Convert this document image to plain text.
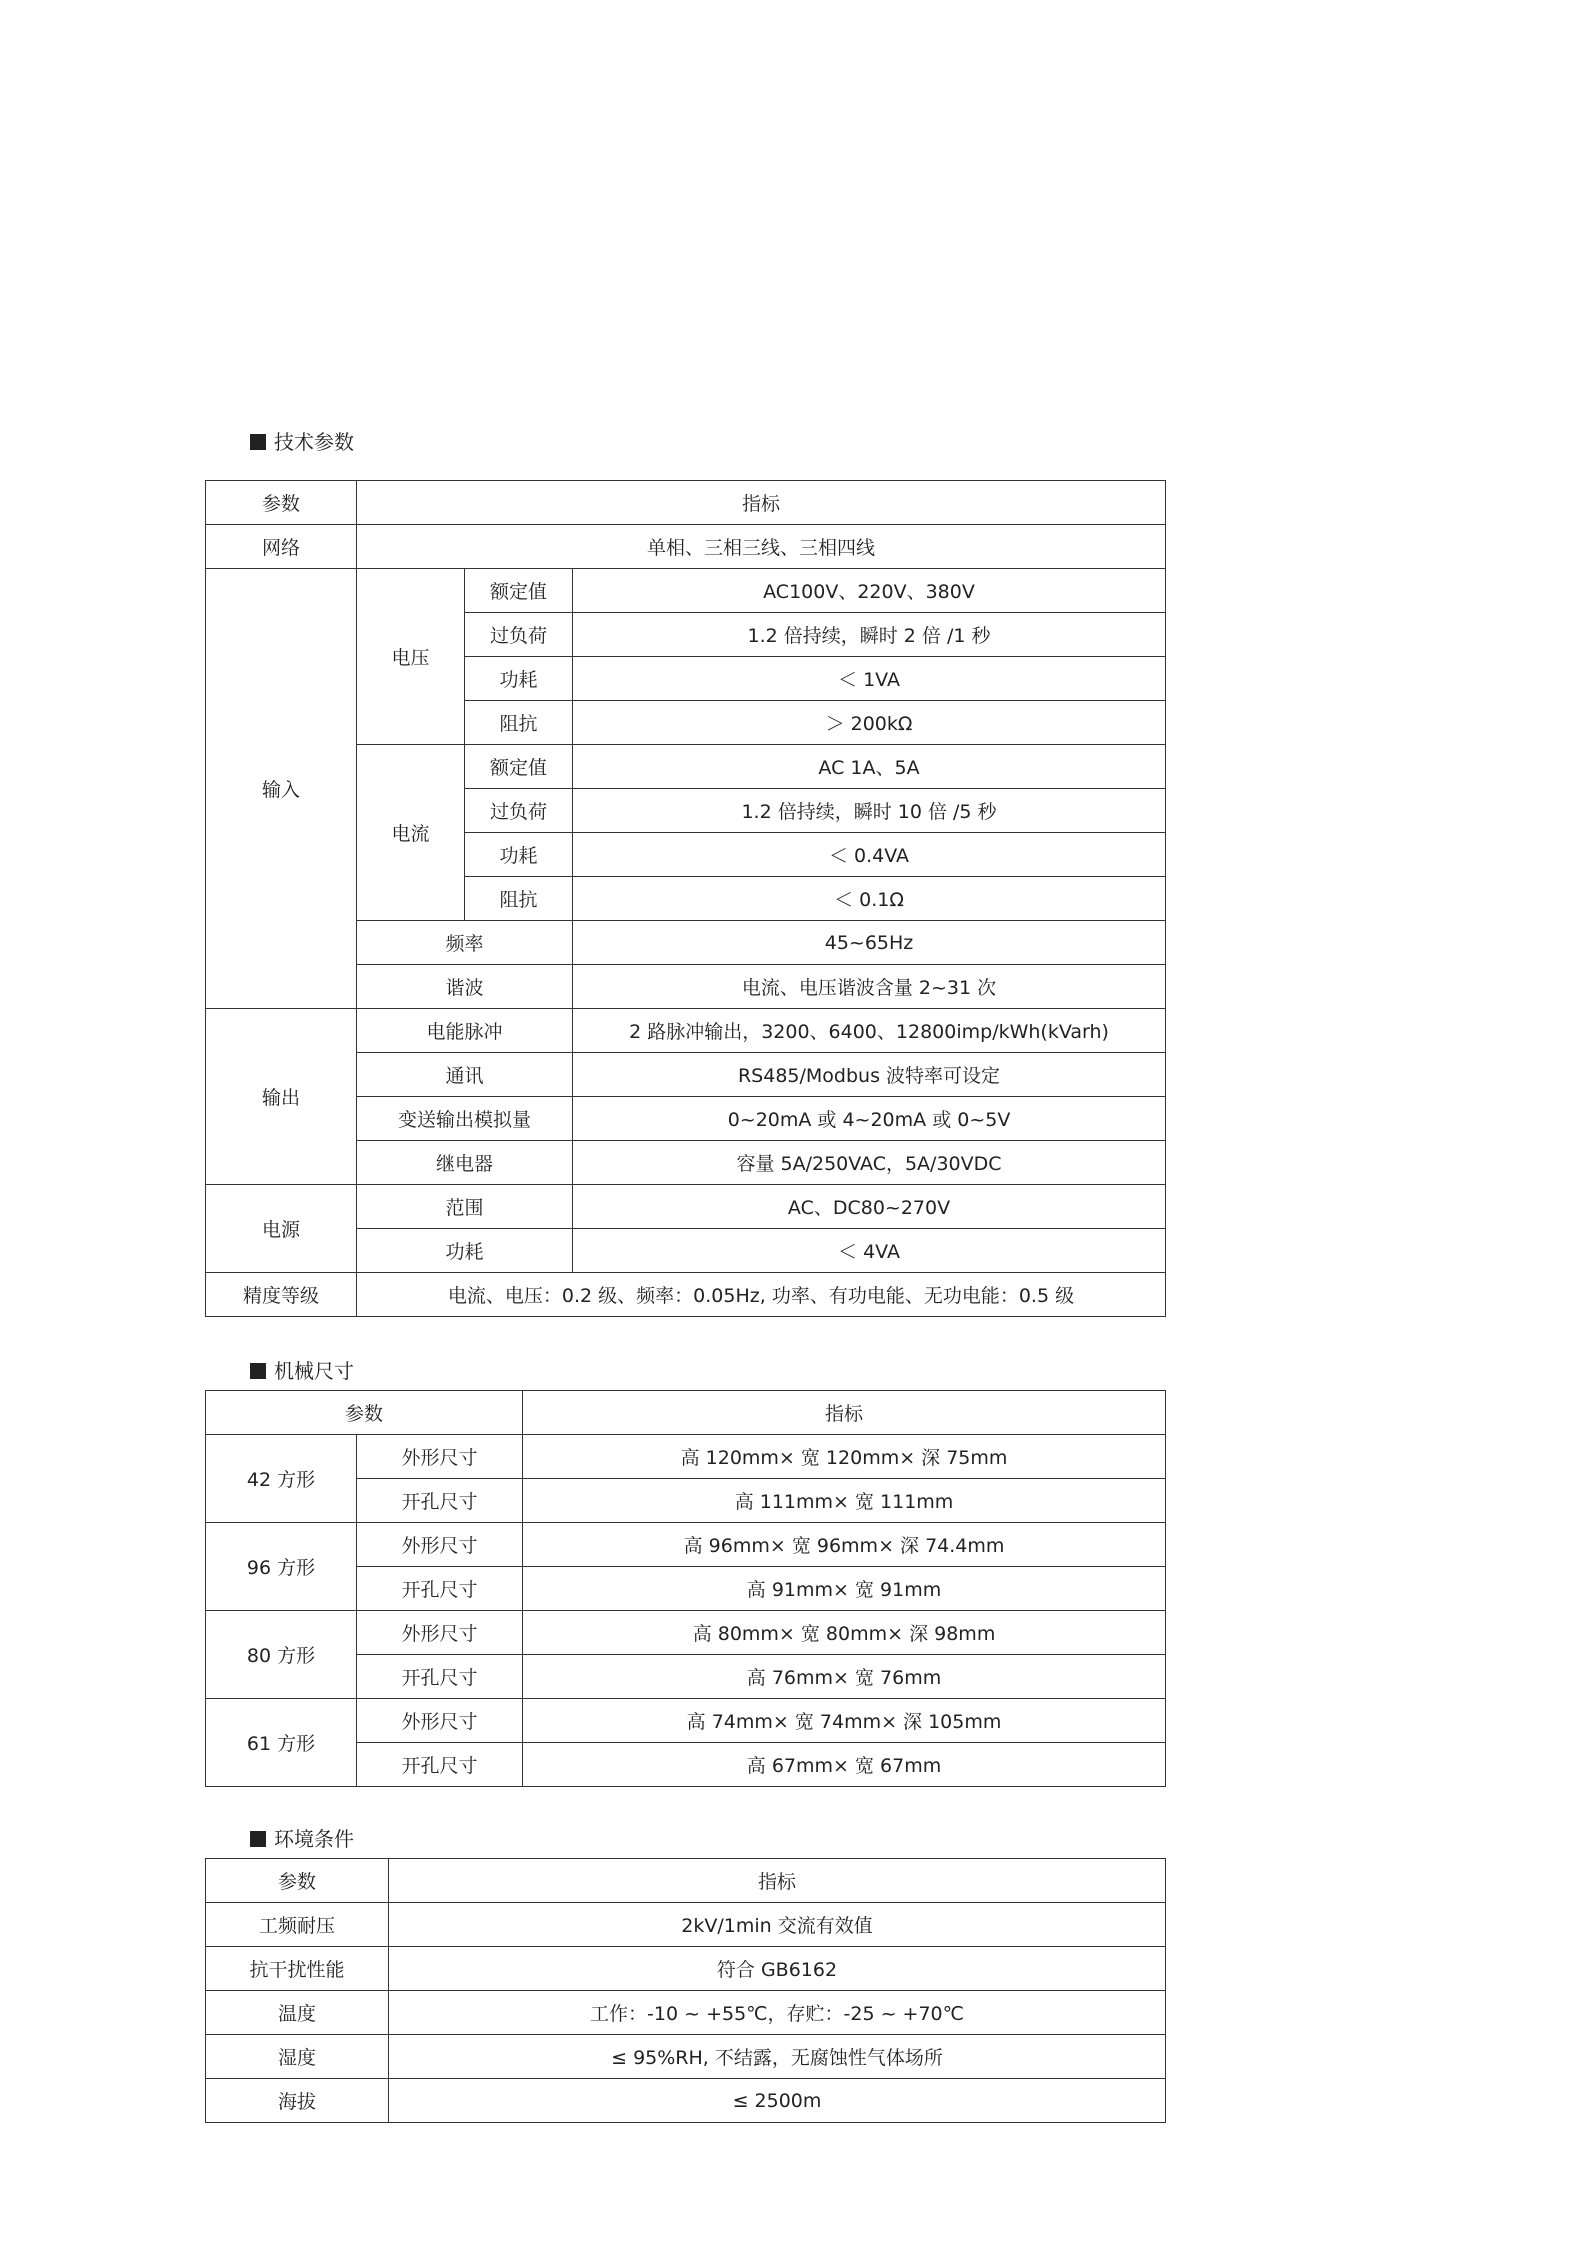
技术参数
参数	指标		
网络	单相、三相三线、三相四线		
输入	电压	额定值	AC100V、220V、380V
		过负荷	1.2 倍持续，瞬时 2 倍 /1 秒
		功耗	＜ 1VA
		阻抗	＞ 200kΩ
	电流	额定值	AC 1A、5A
		过负荷	1.2 倍持续，瞬时 10 倍 /5 秒
		功耗	＜ 0.4VA
		阻抗	＜ 0.1Ω
	频率		45~65Hz
	谐波		电流、电压谐波含量 2~31 次
输出	电能脉冲		2 路脉冲输出，3200、6400、12800imp/kWh(kVarh)
	通讯		RS485/Modbus 波特率可设定
	变送输出模拟量		0~20mA 或 4~20mA 或 0~5V
	继电器		容量 5A/250VAC，5A/30VDC
电源	范围		AC、DC80~270V
	功耗		＜ 4VA
精度等级	电流、电压：0.2 级、频率：0.05Hz, 功率、有功电能、无功电能：0.5 级		
机械尺寸
参数		指标
42 方形	外形尺寸	高 120mm× 宽 120mm× 深 75mm
	开孔尺寸	高 111mm× 宽 111mm
96 方形	外形尺寸	高 96mm× 宽 96mm× 深 74.4mm
	开孔尺寸	高 91mm× 宽 91mm
80 方形	外形尺寸	高 80mm× 宽 80mm× 深 98mm
	开孔尺寸	高 76mm× 宽 76mm
61 方形	外形尺寸	高 74mm× 宽 74mm× 深 105mm
	开孔尺寸	高 67mm× 宽 67mm
环境条件
参数	指标
工频耐压	2kV/1min 交流有效值
抗干扰性能	符合 GB6162
温度	工作：-10 ~ +55℃，存贮：-25 ~ +70℃
湿度	≤ 95%RH, 不结露，无腐蚀性气体场所
海拔	≤ 2500m
